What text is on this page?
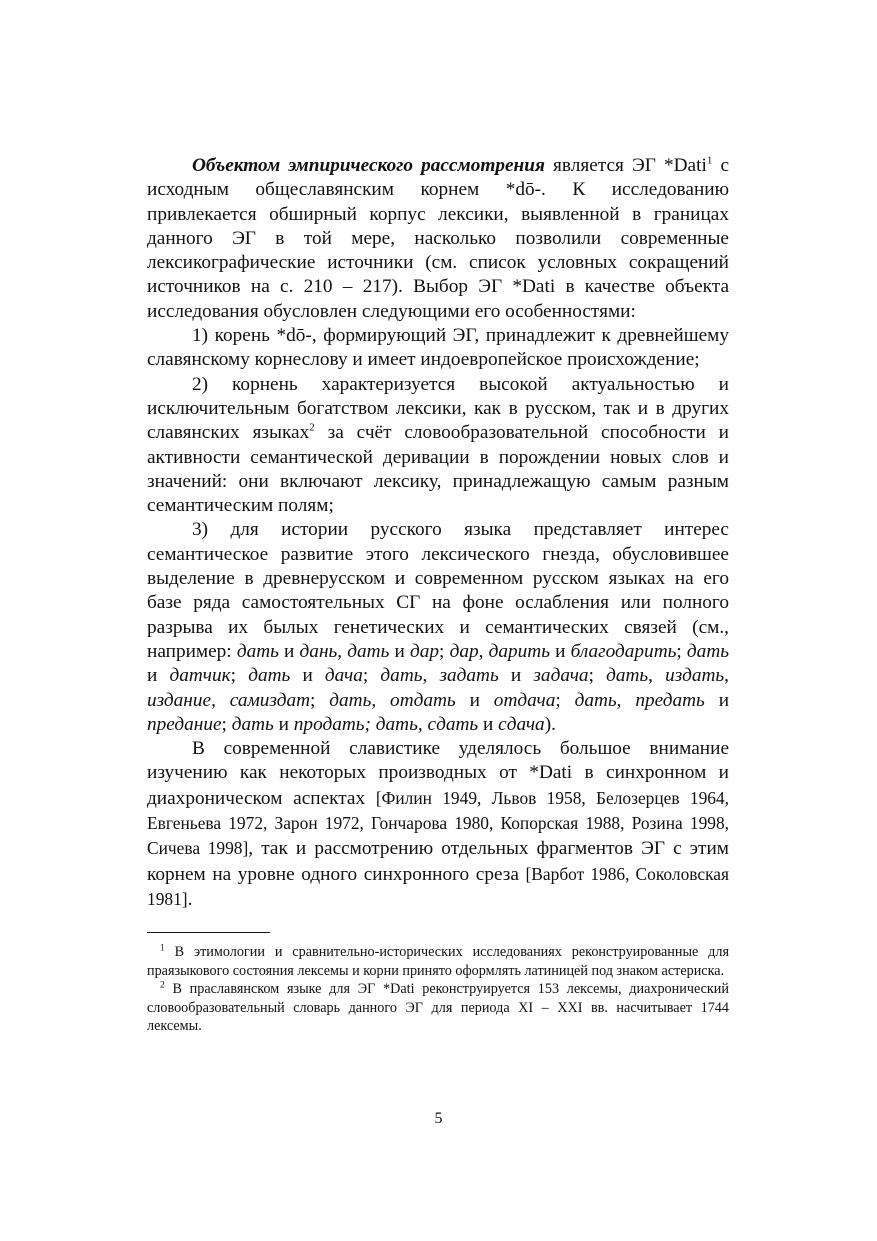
Объектом эмпирического рассмотрения является ЭГ *Dati$^1$ с исходным общеславянским корнем *dō-. К исследованию привлекается обширный корпус лексики, выявленной в границах данного ЭГ в той мере, насколько позволили современные лексикографические источники (см. список условных сокращений источников на с. 210 – 217). Выбор ЭГ *Dati в качестве объекта исследования обусловлен следующими его особенностями:

1) корень *dō-, формирующий ЭГ, принадлежит к древнейшему славянскому корнеслову и имеет индоевропейское происхождение;

2) корнень характеризуется высокой актуальностью и исключительным богатством лексики, как в русском, так и в других славянских языках$^2$ за счёт словообразовательной способности и активности семантической деривации в порождении новых слов и значений: они включают лексику, принадлежащую самым разным семантическим полям;

3) для истории русского языка представляет интерес семантическое развитие этого лексического гнезда, обусловившее выделение в древнерусском и современном русском языках на его базе ряда самостоятельных СГ на фоне ослабления или полного разрыва их былых генетических и семантических связей (см., например: дать и дань, дать и дар; дар, дарить и благодарить; дать и датчик; дать и дача; дать, задать и задача; дать, издать, издание, самиздат; дать, отдать и отдача; дать, предать и предание; дать и продать; дать, сдать и сдача).

В современной славистике уделялось большое внимание изучению как некоторых производных от *Dati в синхронном и диахроническом аспектах [Филин 1949, Львов 1958, Белозерцев 1964, Евгеньева 1972, Зарон 1972, Гончарова 1980, Копорская 1988, Розина 1998, Сичева 1998], так и рассмотрению отдельных фрагментов ЭГ с этим корнем на уровне одного синхронного среза [Варбот 1986, Соколовская 1981].

$^1$ В этимологии и сравнительно-исторических исследованиях реконструированные для праязыкового состояния лексемы и корни принято оформлять латиницей под знаком астериска.

$^2$ В праславянском языке для ЭГ *Dati реконструируется 153 лексемы, диахронический словообразовательный словарь данного ЭГ для периода XI – XXI вв. насчитывает 1744 лексемы.

5
